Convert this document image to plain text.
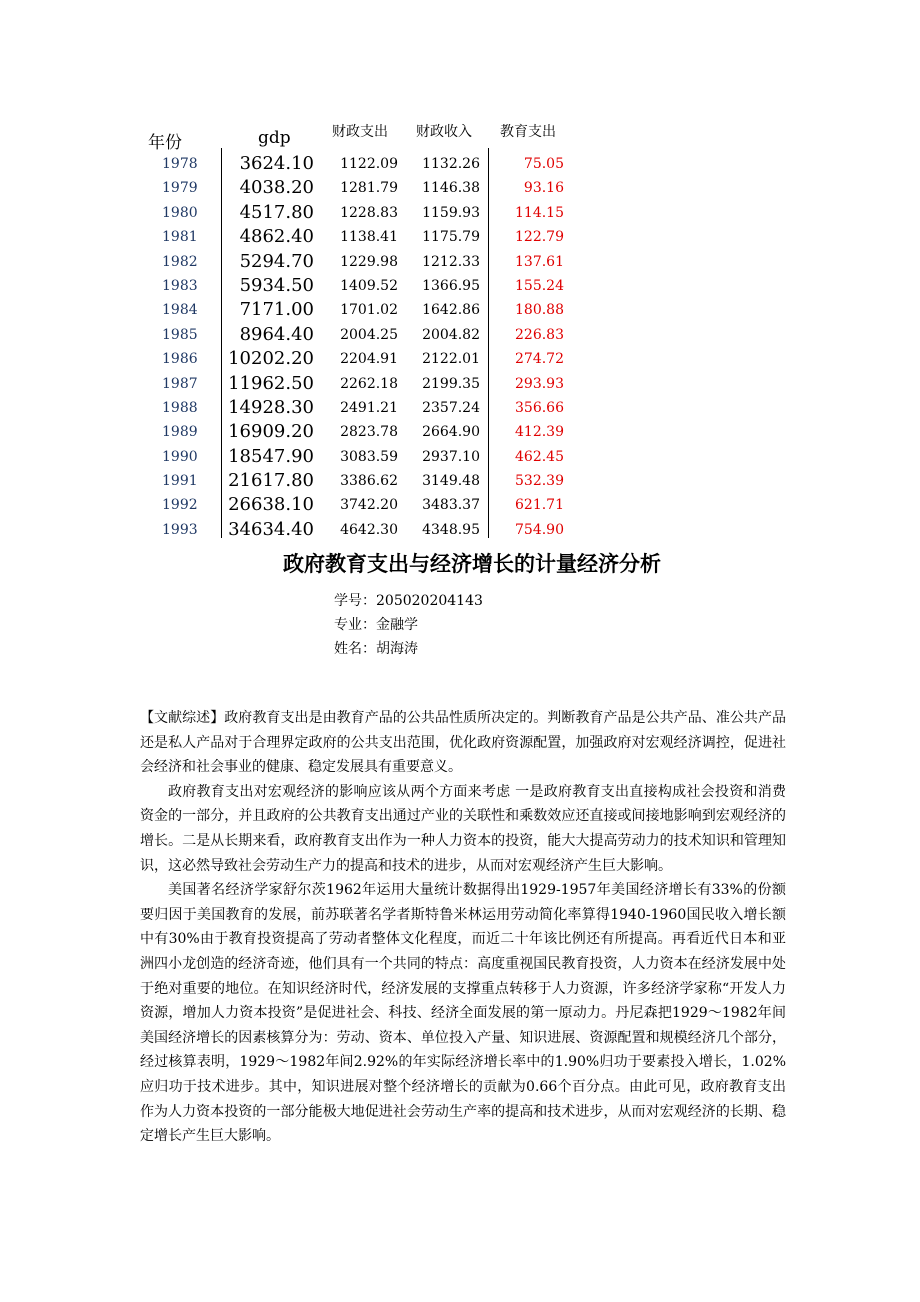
年份	gdp	财政支出 财政收入 教育支出
1978 3624.10 1122.09 1132.26	75.05
1979 4038.20 1281.79 1146.38	93.16
1980 4517.80 1228.83 1159.93	114.15
1981 4862.40 1138.41 1175.79	122.79
1982 5294.70 1229.98 1212.33	137.61
1983 5934.50 1409.52 1366.95	155.24
1984 7171.00 1701.02 1642.86	180.88
1985 8964.40 2004.25 2004.82	226.83
1986 10202.20 2204.91 2122.01	274.72
1987 11962.50 2262.18 2199.35	293.93
1988 14928.30 2491.21 2357.24	356.66
1989 16909.20 2823.78 2664.90	412.39
1990 18547.90 3083.59 2937.10	462.45
1991 21617.80 3386.62 3149.48	532.39
1992 26638.10 3742.20 3483.37	621.71
1993 34634.40 4642.30 4348.95	754.90
政府教育支出与经济增长的计量经济分析
学号：205020204143
专业：金融学
姓名：胡海涛

【文献综述】政府教育支出是由教育产品的公共品性质所决定的。判断教育产品是公共产品、准公共产品还是私人产品对于合理界定政府的公共支出范围，优化政府资源配置，加强政府对宏观经济调控，促进社会经济和社会事业的健康、稳定发展具有重要意义。

政府教育支出对宏观经济的影响应该从两个方面来考虑 一是政府教育支出直接构成社会投资和消费资金的一部分，并且政府的公共教育支出通过产业的关联性和乘数效应还直接或间接地影响到宏观经济的增长。二是从长期来看，政府教育支出作为一种人力资本的投资，能大大提高劳动力的技术知识和管理知识，这必然导致社会劳动生产力的提高和技术的进步，从而对宏观经济产生巨大影响。

美国著名经济学家舒尔茨1962年运用大量统计数据得出1929-1957年美国经济增长有33%的份额要归因于美国教育的发展，前苏联著名学者斯特鲁米林运用劳动简化率算得1940-1960国民收入增长额中有30%由于教育投资提高了劳动者整体文化程度，而近二十年该比例还有所提高。再看近代日本和亚洲四小龙创造的经济奇迹，他们具有一个共同的特点：高度重视国民教育投资，人力资本在经济发展中处于绝对重要的地位。在知识经济时代，经济发展的支撑重点转移于人力资源，许多经济学家称“开发人力资源，增加人力资本投资”是促进社会、科技、经济全面发展的第一原动力。丹尼森把1929～1982年间美国经济增长的因素核算分为：劳动、资本、单位投入产量、知识进展、资源配置和规模经济几个部分，经过核算表明，1929～1982年间2.92%的年实际经济增长率中的1.90%归功于要素投入增长，1.02%应归功于技术进步。其中，知识进展对整个经济增长的贡献为0.66个百分点。由此可见，政府教育支出作为人力资本投资的一部分能极大地促进社会劳动生产率的提高和技术进步，从而对宏观经济的长期、稳定增长产生巨大影响。
